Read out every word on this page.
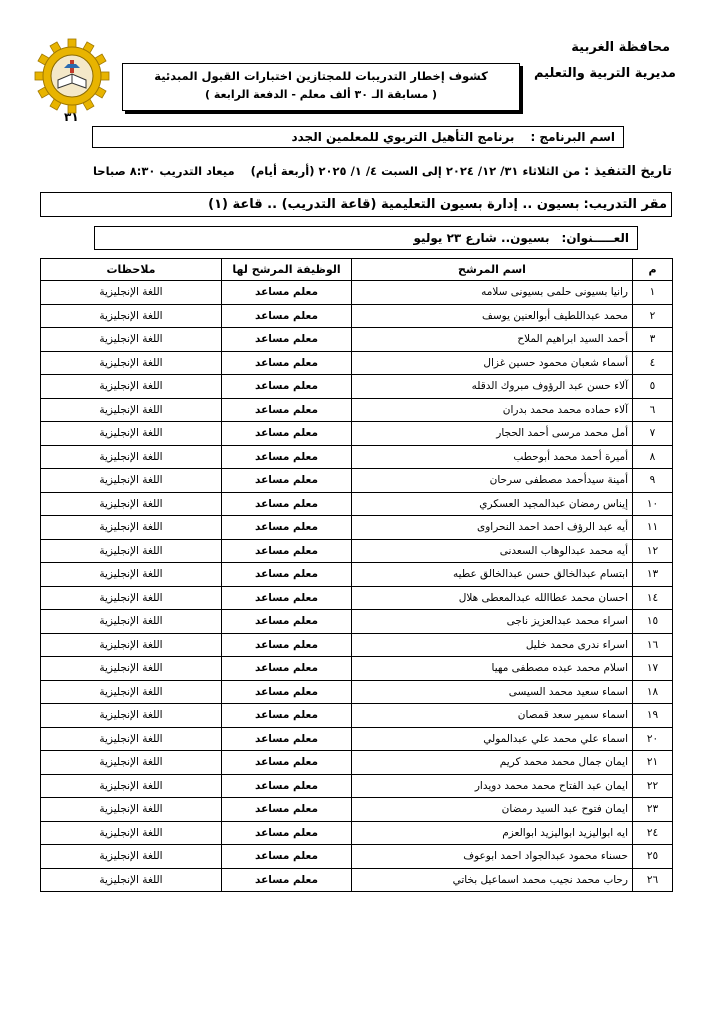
محافظة الغربية
مديرية التربية والتعليم
كشوف إخطار التدريبات للمجتازين اختبارات القبول المبدئية
( مسابقة الـ ٣٠ ألف معلم - الدفعة الرابعة )
٣١
اسم البرنامج :
برنامج التأهيل التربوي للمعلمين الجدد
تاريخ التنفيذ :
من الثلاثاء ٣١/ ١٢/ ٢٠٢٤ إلى السبت ٤/ ١/ ٢٠٢٥
(أربعة أيام)
ميعاد التدريب
٨:٣٠ صباحا
مقر التدريب:
بسيون .. إدارة بسيون التعليمية (قاعة التدريب) .. قاعة (١)
العـــــنوان:
بسيون.. شارع ٢٣ يوليو
م	اسم المرشح	الوظيفة المرشح لها	ملاحظات
١	رانيا بسيونى حلمى بسيونى سلامه	معلم مساعد	اللغة الإنجليزية
٢	محمد عبداللطيف أبوالعنين يوسف	معلم مساعد	اللغة الإنجليزية
٣	أحمد السيد ابراهيم الملاح	معلم مساعد	اللغة الإنجليزية
٤	أسماء شعبان محمود حسين غزال	معلم مساعد	اللغة الإنجليزية
٥	آلاء حسن عبد الرؤوف مبروك الدقله	معلم مساعد	اللغة الإنجليزية
٦	آلاء حماده محمد محمد بدران	معلم مساعد	اللغة الإنجليزية
٧	أمل محمد مرسى أحمد الحجار	معلم مساعد	اللغة الإنجليزية
٨	أميرة أحمد محمد أبوحطب	معلم مساعد	اللغة الإنجليزية
٩	أمينة سيدأحمد مصطفى سرحان	معلم مساعد	اللغة الإنجليزية
١٠	إيناس رمضان عبدالمجيد العسكري	معلم مساعد	اللغة الإنجليزية
١١	أيه عبد الرؤف احمد احمد النحراوى	معلم مساعد	اللغة الإنجليزية
١٢	أيه محمد عبدالوهاب السعدنى	معلم مساعد	اللغة الإنجليزية
١٣	ابتسام عبدالخالق حسن عبدالخالق عطيه	معلم مساعد	اللغة الإنجليزية
١٤	احسان محمد عطاالله عبدالمعطى هلال	معلم مساعد	اللغة الإنجليزية
١٥	اسراء محمد عبدالعزيز ناجى	معلم مساعد	اللغة الإنجليزية
١٦	اسراء ندرى محمد خليل	معلم مساعد	اللغة الإنجليزية
١٧	اسلام محمد عبده مصطفى مهيا	معلم مساعد	اللغة الإنجليزية
١٨	اسماء سعيد محمد السيسى	معلم مساعد	اللغة الإنجليزية
١٩	اسماء سمير سعد قمصان	معلم مساعد	اللغة الإنجليزية
٢٠	اسماء علي محمد علي عبدالمولي	معلم مساعد	اللغة الإنجليزية
٢١	ايمان جمال محمد محمد كريم	معلم مساعد	اللغة الإنجليزية
٢٢	ايمان عبد الفتاح محمد محمد دويدار	معلم مساعد	اللغة الإنجليزية
٢٣	ايمان فتوح عبد السيد رمضان	معلم مساعد	اللغة الإنجليزية
٢٤	ايه ابواليزيد ابواليزيد ابوالعزم	معلم مساعد	اللغة الإنجليزية
٢٥	حسناء محمود عبدالجواد احمد ابوعوف	معلم مساعد	اللغة الإنجليزية
٢٦	رحاب محمد نجيب محمد اسماعيل بخاتي	معلم مساعد	اللغة الإنجليزية
